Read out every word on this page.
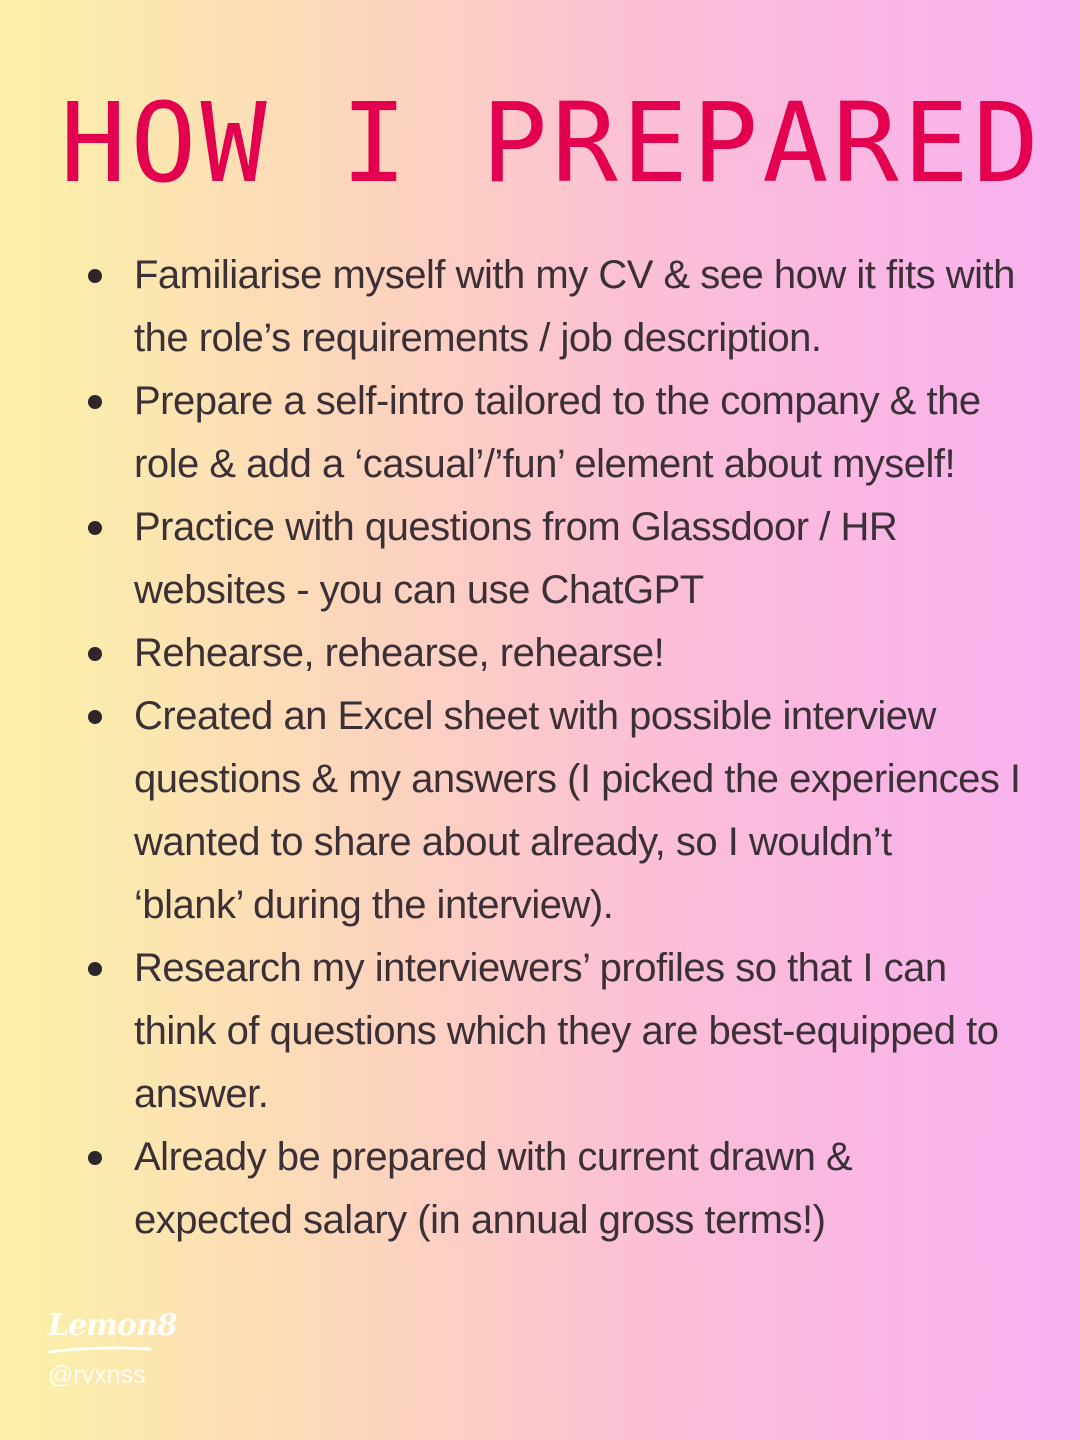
HOW I PREPARED
Familiarise myself with my CV & see how it fits with
the role’s requirements / job description.
Prepare a self-intro tailored to the company & the
role & add a ‘casual’/’fun’ element about myself!
Practice with questions from Glassdoor / HR
websites - you can use ChatGPT
Rehearse, rehearse, rehearse!
Created an Excel sheet with possible interview
questions & my answers (I picked the experiences I
wanted to share about already, so I wouldn’t
‘blank’ during the interview).
Research my interviewers’ profiles so that I can
think of questions which they are best-equipped to
answer.
Already be prepared with current drawn &
expected salary (in annual gross terms!)
Lemon8
@rvxnss
